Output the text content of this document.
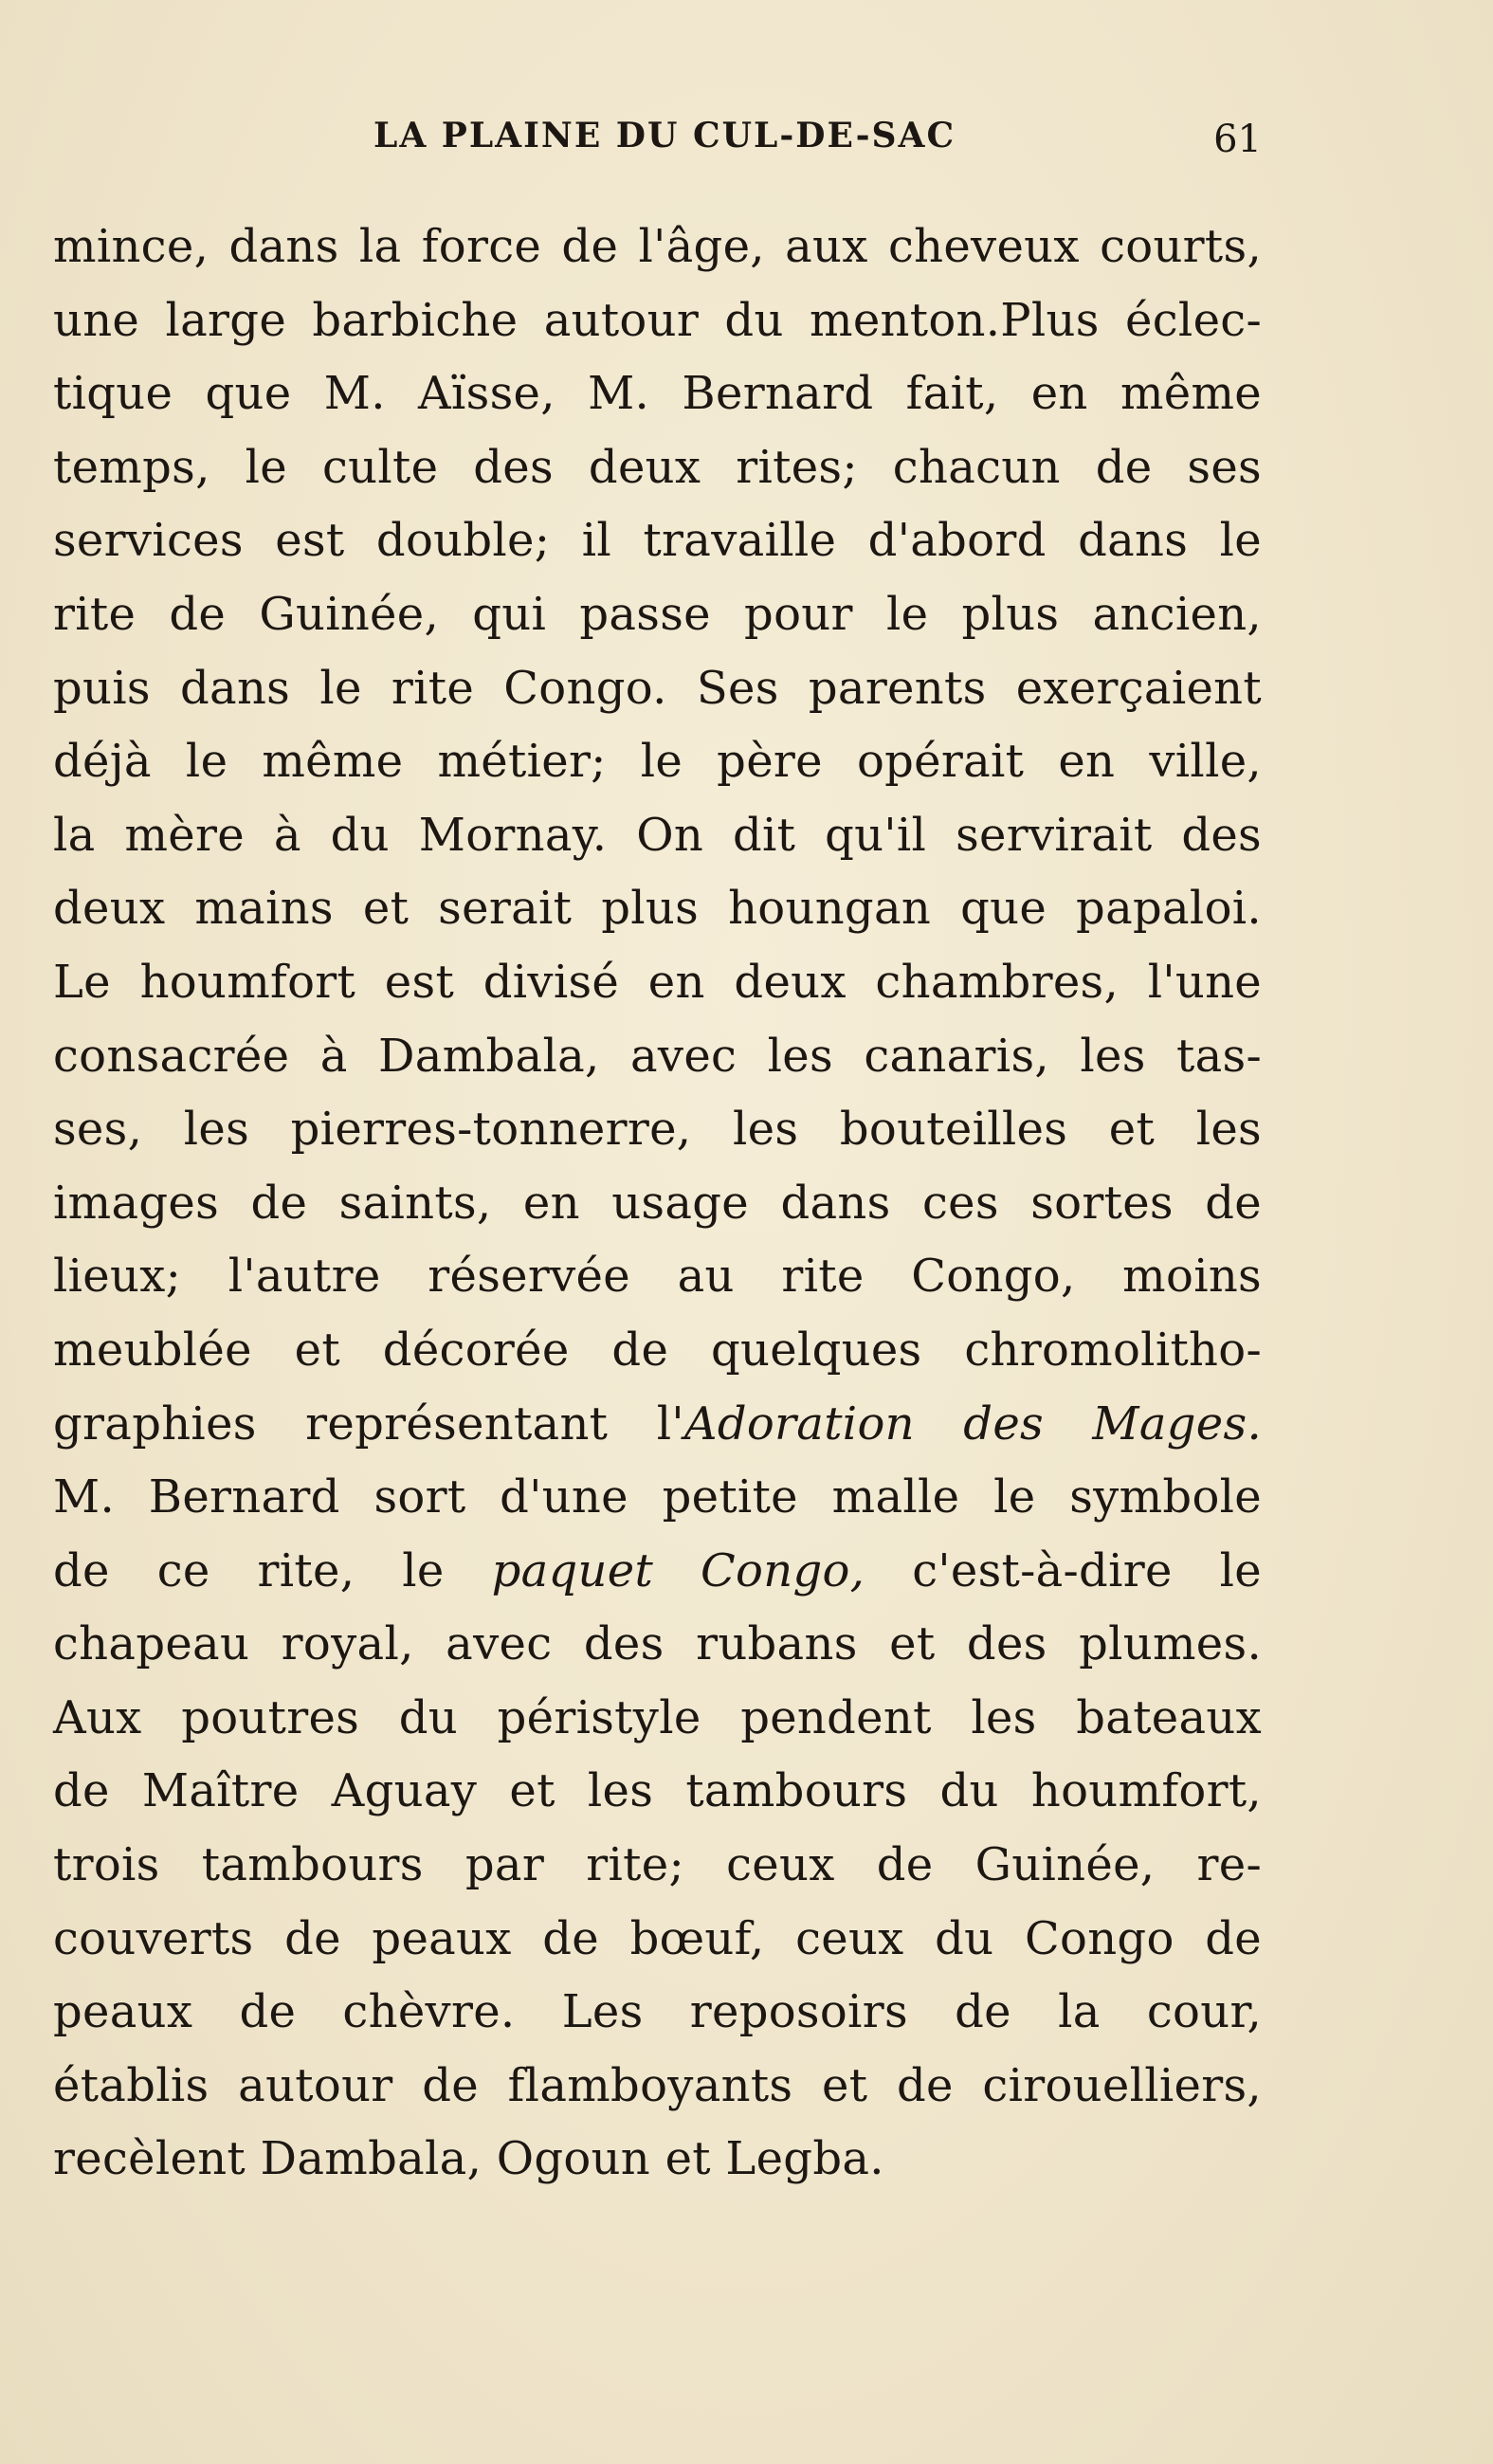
LA PLAINE DU CUL-DE-SAC	61
mince, dans la force de l'âge, aux cheveux courts,
une large barbiche autour du menton.Plus éclec-
tique que M. Aïsse, M. Bernard fait, en même
temps, le culte des deux rites; chacun de ses
services est double; il travaille d'abord dans le
rite de Guinée, qui passe pour le plus ancien,
puis dans le rite Congo. Ses parents exerçaient
déjà le même métier; le père opérait en ville,
la mère à du Mornay. On dit qu'il servirait des
deux mains et serait plus houngan que papaloi.
Le houmfort est divisé en deux chambres, l'une
consacrée à Dambala, avec les canaris, les tas-
ses, les pierres-tonnerre, les bouteilles et les
images de saints, en usage dans ces sortes de
lieux; l'autre réservée au rite Congo, moins
meublée et décorée de quelques chromolitho-
graphies représentant l'Adoration des Mages.
M. Bernard sort d'une petite malle le symbole
de ce rite, le paquet Congo, c'est-à-dire le
chapeau royal, avec des rubans et des plumes.
Aux poutres du péristyle pendent les bateaux
de Maître Aguay et les tambours du houmfort,
trois tambours par rite; ceux de Guinée, re-
couverts de peaux de bœuf, ceux du Congo de
peaux de chèvre. Les reposoirs de la cour,
établis autour de flamboyants et de cirouelliers,
recèlent Dambala, Ogoun et Legba.
